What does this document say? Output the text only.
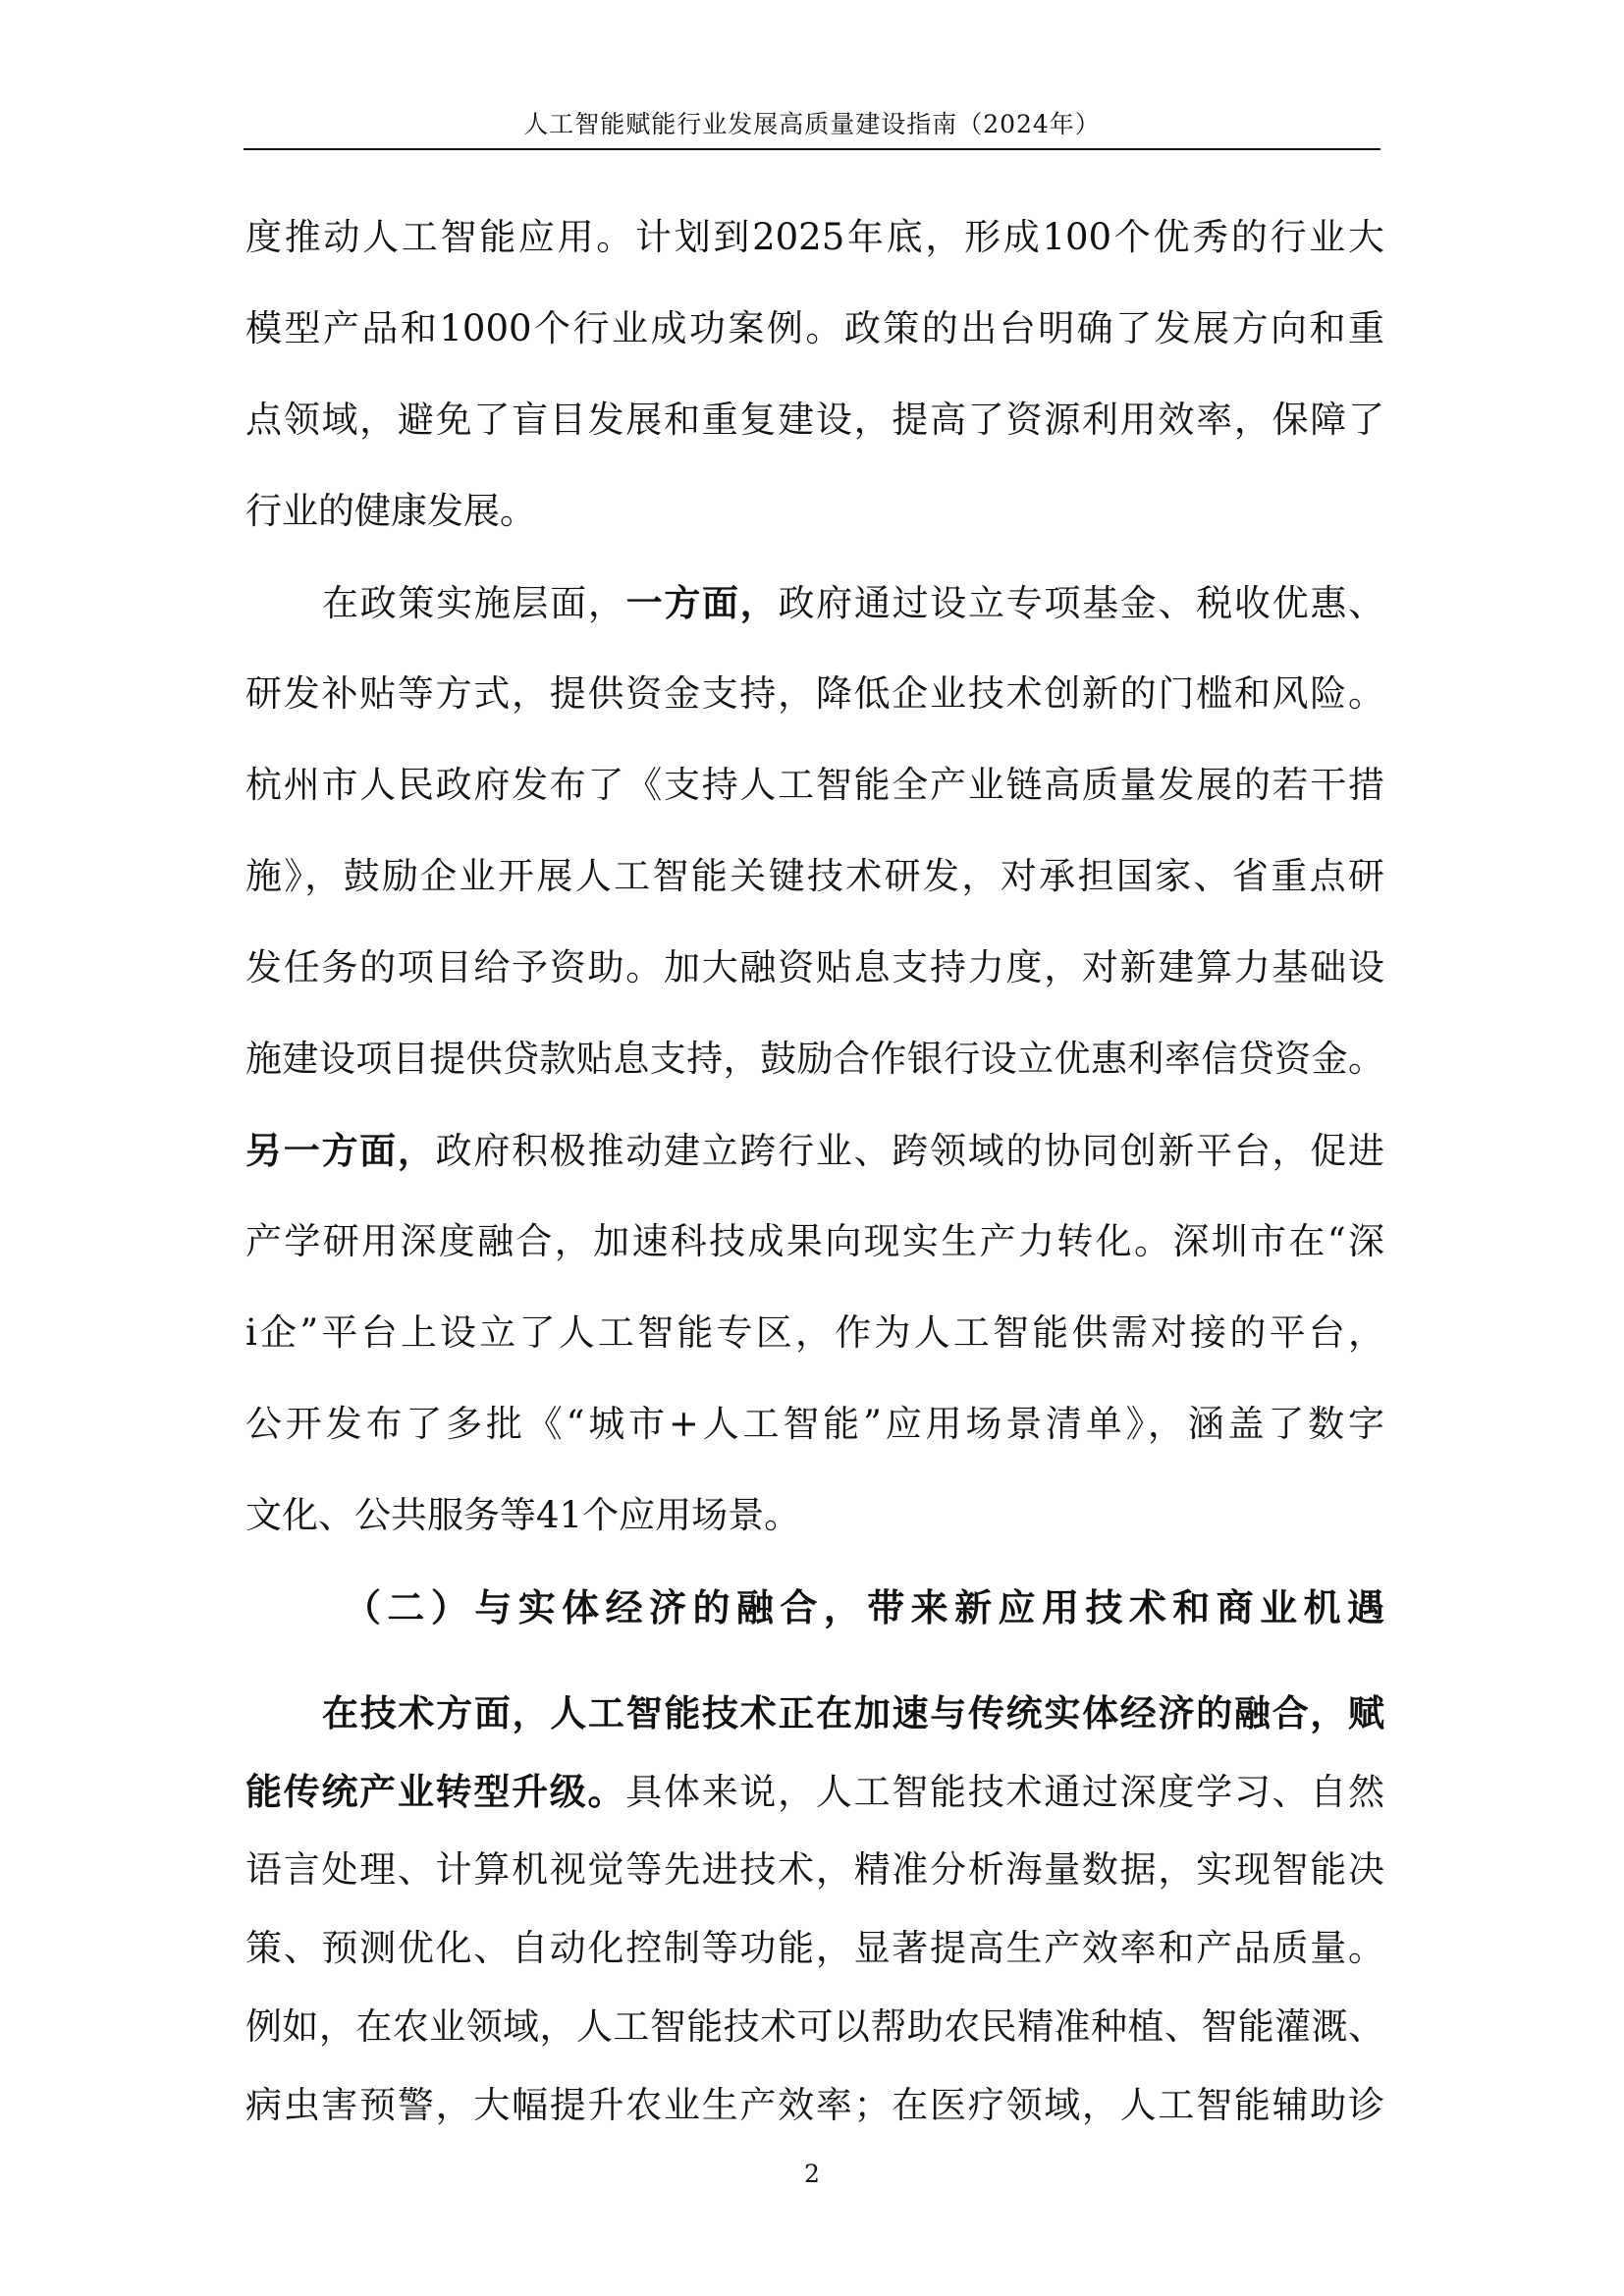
人工智能赋能行业发展高质量建设指南（2024年）
度推动人工智能应用。计划到2025年底，形成100个优秀的行业大
模型产品和1000个行业成功案例。政策的出台明确了发展方向和重
点领域，避免了盲目发展和重复建设，提高了资源利用效率，保障了
行业的健康发展。
在政策实施层面，一方面，政府通过设立专项基金、税收优惠、
研发补贴等方式，提供资金支持，降低企业技术创新的门槛和风险。
杭州市人民政府发布了《支持人工智能全产业链高质量发展的若干措
施》，鼓励企业开展人工智能关键技术研发，对承担国家、省重点研
发任务的项目给予资助。加大融资贴息支持力度，对新建算力基础设
施建设项目提供贷款贴息支持，鼓励合作银行设立优惠利率信贷资金。
另一方面，政府积极推动建立跨行业、跨领域的协同创新平台，促进
产学研用深度融合，加速科技成果向现实生产力转化。深圳市在“深
i企”平台上设立了人工智能专区，作为人工智能供需对接的平台，
公开发布了多批《“城市+人工智能”应用场景清单》，涵盖了数字
文化、公共服务等41个应用场景。
（二）与实体经济的融合，带来新应用技术和商业机遇
在技术方面，人工智能技术正在加速与传统实体经济的融合，赋
能传统产业转型升级。具体来说，人工智能技术通过深度学习、自然
语言处理、计算机视觉等先进技术，精准分析海量数据，实现智能决
策、预测优化、自动化控制等功能，显著提高生产效率和产品质量。
例如，在农业领域，人工智能技术可以帮助农民精准种植、智能灌溉、
病虫害预警，大幅提升农业生产效率；在医疗领域，人工智能辅助诊
2
